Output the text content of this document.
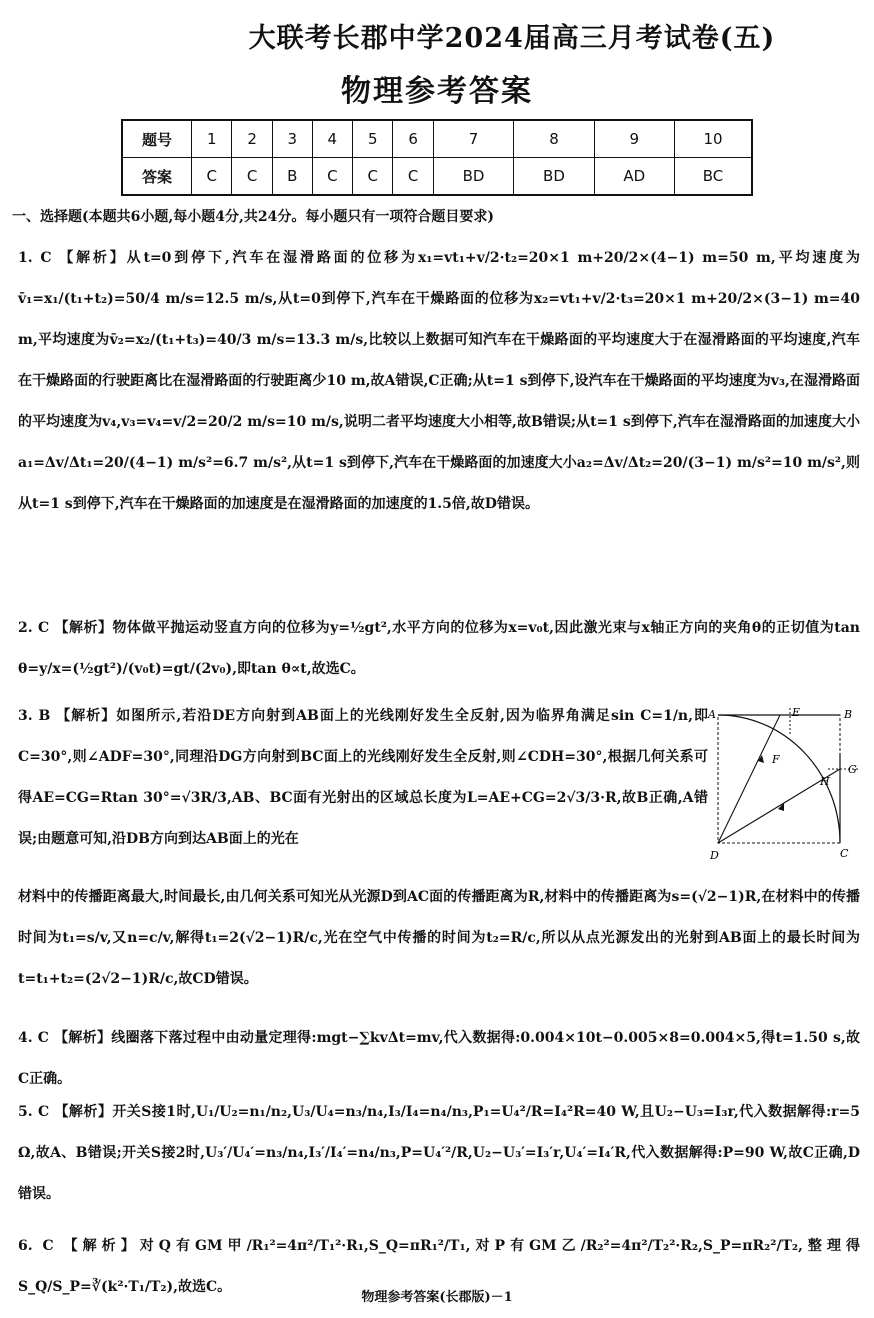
大联考长郡中学2024届高三月考试卷(五)
物理参考答案
题号	1	2	3	4	5	6	7	8	9	10
答案	C	C	B	C	C	C	BD	BD	AD	BC
一、选择题(本题共6小题,每小题4分,共24分。每小题只有一项符合题目要求)
1. C 【解析】从t=0到停下,汽车在湿滑路面的位移为x₁=vt₁+v/2·t₂=20×1 m+20/2×(4−1) m=50 m,平均速度为v̄₁=x₁/(t₁+t₂)=50/4 m/s=12.5 m/s,从t=0到停下,汽车在干燥路面的位移为x₂=vt₁+v/2·t₃=20×1 m+20/2×(3−1) m=40 m,平均速度为v̄₂=x₂/(t₁+t₃)=40/3 m/s=13.3 m/s,比较以上数据可知汽车在干燥路面的平均速度大于在湿滑路面的平均速度,汽车在干燥路面的行驶距离比在湿滑路面的行驶距离少10 m,故A错误,C正确;从t=1 s到停下,设汽车在干燥路面的平均速度为v₃,在湿滑路面的平均速度为v₄,v₃=v₄=v/2=20/2 m/s=10 m/s,说明二者平均速度大小相等,故B错误;从t=1 s到停下,汽车在湿滑路面的加速度大小a₁=Δv/Δt₁=20/(4−1) m/s²=6.7 m/s²,从t=1 s到停下,汽车在干燥路面的加速度大小a₂=Δv/Δt₂=20/(3−1) m/s²=10 m/s²,则从t=1 s到停下,汽车在干燥路面的加速度是在湿滑路面的加速度的1.5倍,故D错误。
2. C 【解析】物体做平抛运动竖直方向的位移为y=½gt²,水平方向的位移为x=v₀t,因此激光束与x轴正方向的夹角θ的正切值为tan θ=y/x=(½gt²)/(v₀t)=gt/(2v₀),即tan θ∝t,故选C。
3. B 【解析】如图所示,若沿DE方向射到AB面上的光线刚好发生全反射,因为临界角满足sin C=1/n,即C=30°,则∠ADF=30°,同理沿DG方向射到BC面上的光线刚好发生全反射,则∠CDH=30°,根据几何关系可得AE=CG=Rtan 30°=√3R/3,AB、BC面有光射出的区域总长度为L=AE+CG=2√3/3·R,故B正确,A错误;由题意可知,沿DB方向到达AB面上的光在
材料中的传播距离最大,时间最长,由几何关系可知光从光源D到AC面的传播距离为R,材料中的传播距离为s=(√2−1)R,在材料中的传播时间为t₁=s/v,又n=c/v,解得t₁=2(√2−1)R/c,光在空气中传播的时间为t₂=R/c,所以从点光源发出的光射到AB面上的最长时间为t=t₁+t₂=(2√2−1)R/c,故CD错误。
4. C 【解析】线圈落下落过程中由动量定理得:mgt−∑kvΔt=mv,代入数据得:0.004×10t−0.005×8=0.004×5,得t=1.50 s,故C正确。
5. C 【解析】开关S接1时,U₁/U₂=n₁/n₂,U₃/U₄=n₃/n₄,I₃/I₄=n₄/n₃,P₁=U₄²/R=I₄²R=40 W,且U₂−U₃=I₃r,代入数据解得:r=5 Ω,故A、B错误;开关S接2时,U₃′/U₄′=n₃/n₄,I₃′/I₄′=n₄/n₃,P=U₄′²/R,U₂−U₃′=I₃′r,U₄′=I₄′R,代入数据解得:P=90 W,故C正确,D错误。
6. C 【解析】对Q有GM甲/R₁²=4π²/T₁²·R₁,S_Q=πR₁²/T₁,对P有GM乙/R₂²=4π²/T₂²·R₂,S_P=πR₂²/T₂,整理得S_Q/S_P=∛(k²·T₁/T₂),故选C。
A	E	B
F
G
H
D	C
物理参考答案(长郡版)－1
